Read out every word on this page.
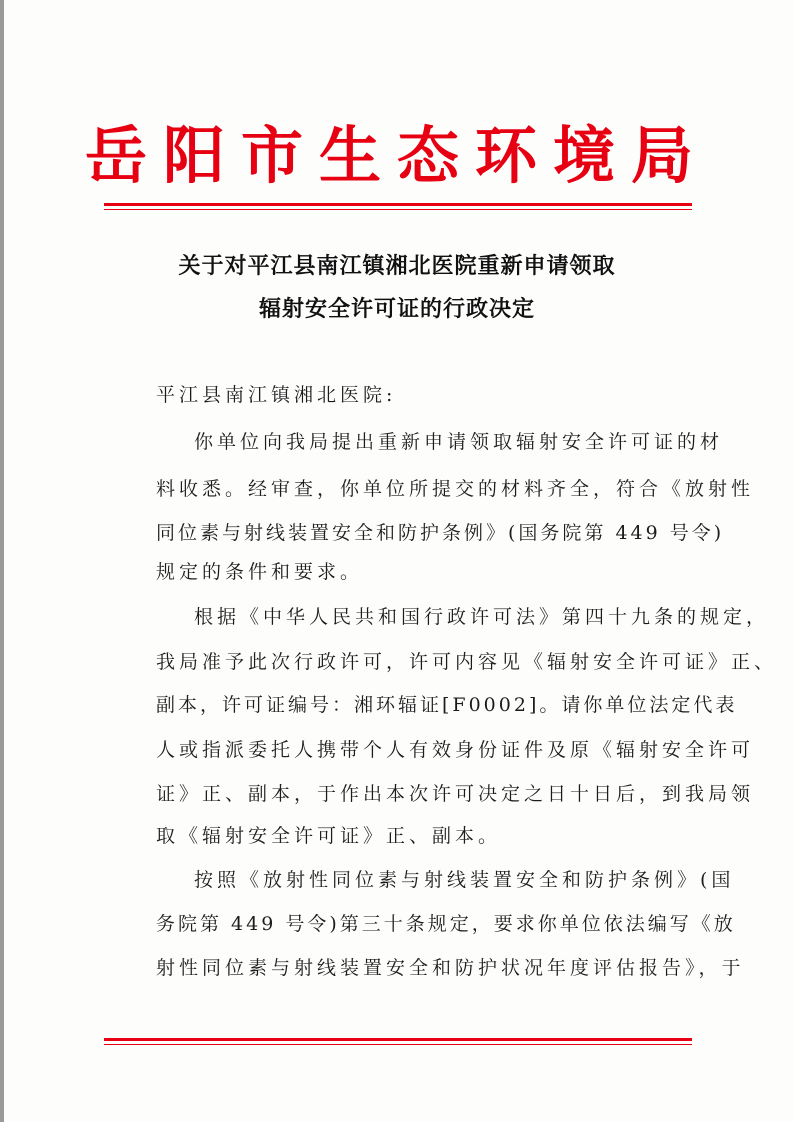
岳阳市生态环境局
关于对平江县南江镇湘北医院重新申请领取
辐射安全许可证的行政决定
平江县南江镇湘北医院:
你单位向我局提出重新申请领取辐射安全许可证的材
料收悉。经审查，你单位所提交的材料齐全，符合《放射性
同位素与射线装置安全和防护条例》(国务院第 449 号令)
规定的条件和要求。
根据《中华人民共和国行政许可法》第四十九条的规定，
我局准予此次行政许可，许可内容见《辐射安全许可证》正、
副本，许可证编号：湘环辐证[F0002]。请你单位法定代表
人或指派委托人携带个人有效身份证件及原《辐射安全许可
证》正、副本，于作出本次许可决定之日十日后，到我局领
取《辐射安全许可证》正、副本。
按照《放射性同位素与射线装置安全和防护条例》(国
务院第 449 号令)第三十条规定，要求你单位依法编写《放
射性同位素与射线装置安全和防护状况年度评估报告》，于
